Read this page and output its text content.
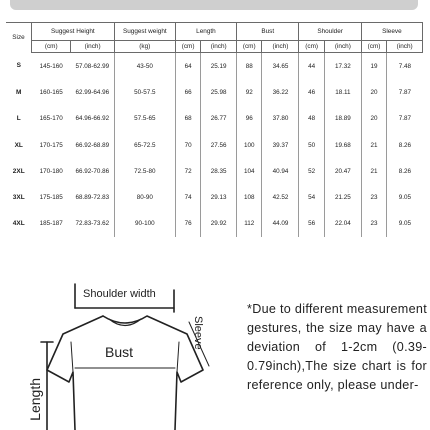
Size	Suggest Height		Suggest weight	Length		Bust		Shoulder		Sleeve	
	(cm)	(inch)	(kg)	(cm)	(inch)	(cm)	(inch)	(cm)	(inch)	(cm)	(inch)
S	145-160	57.08-62.99	43-50	64	25.19	88	34.65	44	17.32	19	7.48
M	160-165	62.99-64.96	50-57.5	66	25.98	92	36.22	46	18.11	20	7.87
L	165-170	64.96-66.92	57.5-65	68	26.77	96	37.80	48	18.89	20	7.87
XL	170-175	66.92-68.89	65-72.5	70	27.56	100	39.37	50	19.68	21	8.26
2XL	170-180	66.92-70.86	72.5-80	72	28.35	104	40.94	52	20.47	21	8.26
3XL	175-185	68.89-72.83	80-90	74	29.13	108	42.52	54	21.25	23	9.05
4XL	185-187	72.83-73.62	90-100	76	29.92	112	44.09	56	22.04	23	9.05
Shoulder width
Bust
Sleeve
Length
*Due to different measurement gestures, the size may have a deviation of 1-2cm (0.39-0.79inch),The size chart is for reference only, please under-
